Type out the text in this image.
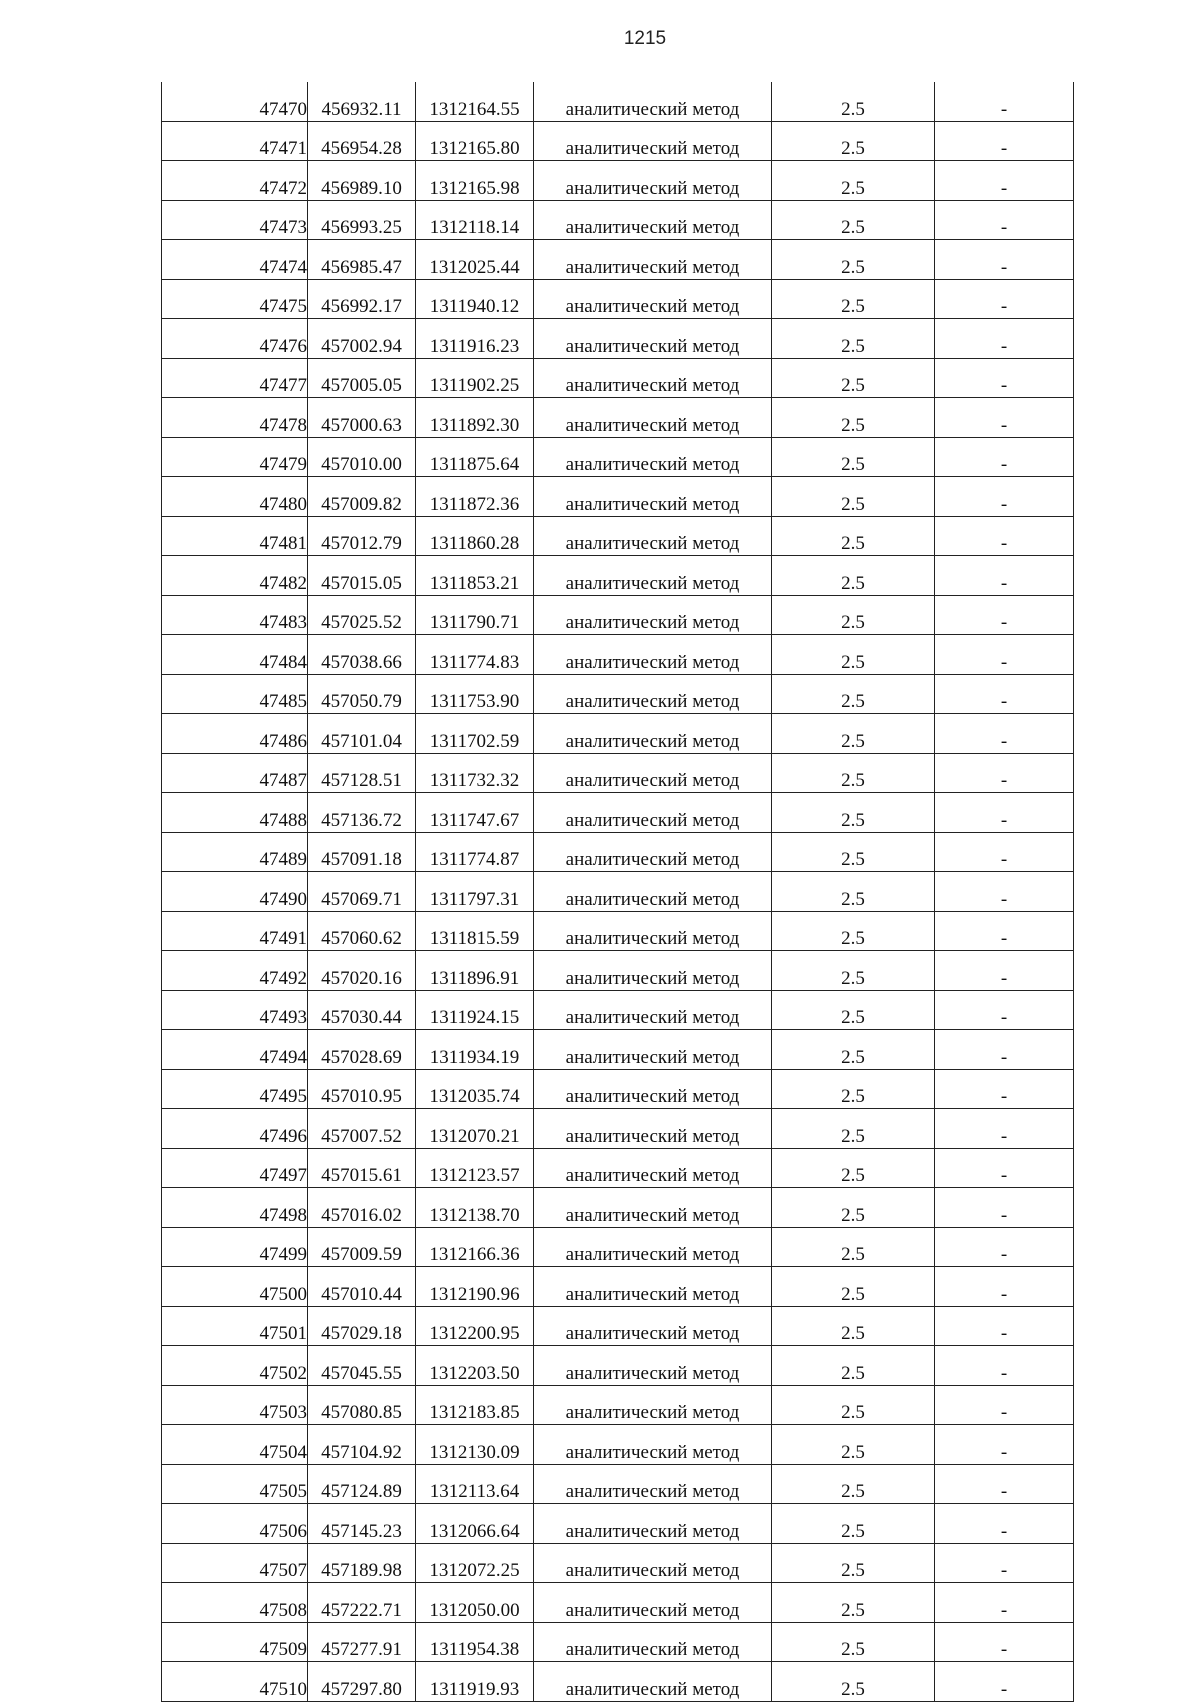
1215
47470	456932.11	1312164.55	аналитический метод	2.5	-
47471	456954.28	1312165.80	аналитический метод	2.5	-
47472	456989.10	1312165.98	аналитический метод	2.5	-
47473	456993.25	1312118.14	аналитический метод	2.5	-
47474	456985.47	1312025.44	аналитический метод	2.5	-
47475	456992.17	1311940.12	аналитический метод	2.5	-
47476	457002.94	1311916.23	аналитический метод	2.5	-
47477	457005.05	1311902.25	аналитический метод	2.5	-
47478	457000.63	1311892.30	аналитический метод	2.5	-
47479	457010.00	1311875.64	аналитический метод	2.5	-
47480	457009.82	1311872.36	аналитический метод	2.5	-
47481	457012.79	1311860.28	аналитический метод	2.5	-
47482	457015.05	1311853.21	аналитический метод	2.5	-
47483	457025.52	1311790.71	аналитический метод	2.5	-
47484	457038.66	1311774.83	аналитический метод	2.5	-
47485	457050.79	1311753.90	аналитический метод	2.5	-
47486	457101.04	1311702.59	аналитический метод	2.5	-
47487	457128.51	1311732.32	аналитический метод	2.5	-
47488	457136.72	1311747.67	аналитический метод	2.5	-
47489	457091.18	1311774.87	аналитический метод	2.5	-
47490	457069.71	1311797.31	аналитический метод	2.5	-
47491	457060.62	1311815.59	аналитический метод	2.5	-
47492	457020.16	1311896.91	аналитический метод	2.5	-
47493	457030.44	1311924.15	аналитический метод	2.5	-
47494	457028.69	1311934.19	аналитический метод	2.5	-
47495	457010.95	1312035.74	аналитический метод	2.5	-
47496	457007.52	1312070.21	аналитический метод	2.5	-
47497	457015.61	1312123.57	аналитический метод	2.5	-
47498	457016.02	1312138.70	аналитический метод	2.5	-
47499	457009.59	1312166.36	аналитический метод	2.5	-
47500	457010.44	1312190.96	аналитический метод	2.5	-
47501	457029.18	1312200.95	аналитический метод	2.5	-
47502	457045.55	1312203.50	аналитический метод	2.5	-
47503	457080.85	1312183.85	аналитический метод	2.5	-
47504	457104.92	1312130.09	аналитический метод	2.5	-
47505	457124.89	1312113.64	аналитический метод	2.5	-
47506	457145.23	1312066.64	аналитический метод	2.5	-
47507	457189.98	1312072.25	аналитический метод	2.5	-
47508	457222.71	1312050.00	аналитический метод	2.5	-
47509	457277.91	1311954.38	аналитический метод	2.5	-
47510	457297.80	1311919.93	аналитический метод	2.5	-
